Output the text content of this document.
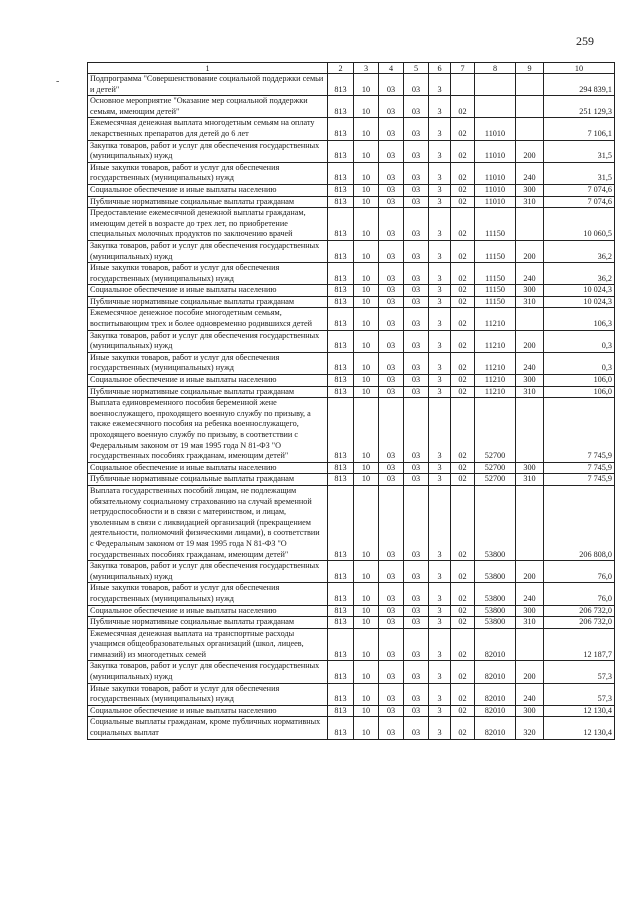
259
-
1	2	3	4	5	6	7	8	9	10
Подпрограмма "Совершенствование социальной поддержки семьи и детей"	813	10	03	03	3				294 839,1
Основное мероприятие "Оказание мер социальной поддержки семьям, имеющим детей"	813	10	03	03	3	02			251 129,3
Ежемесячная денежная выплата многодетным семьям на оплату лекарственных препаратов для детей до 6 лет	813	10	03	03	3	02	11010		7 106,1
Закупка товаров, работ и услуг для обеспечения государственных (муниципальных) нужд	813	10	03	03	3	02	11010	200	31,5
Иные закупки товаров, работ и услуг для обеспечения государственных (муниципальных) нужд	813	10	03	03	3	02	11010	240	31,5
Социальное обеспечение и иные выплаты населению	813	10	03	03	3	02	11010	300	7 074,6
Публичные нормативные социальные выплаты гражданам	813	10	03	03	3	02	11010	310	7 074,6
Предоставление ежемесячной денежной выплаты гражданам, имеющим детей в возрасте до трех лет, по приобретение специальных молочных продуктов по заключению врачей	813	10	03	03	3	02	11150		10 060,5
Закупка товаров, работ и услуг для обеспечения государственных (муниципальных) нужд	813	10	03	03	3	02	11150	200	36,2
Иные закупки товаров, работ и услуг для обеспечения государственных (муниципальных) нужд	813	10	03	03	3	02	11150	240	36,2
Социальное обеспечение и иные выплаты населению	813	10	03	03	3	02	11150	300	10 024,3
Публичные нормативные социальные выплаты гражданам	813	10	03	03	3	02	11150	310	10 024,3
Ежемесячное денежное пособие многодетным семьям, воспитывающим трех и более одновременно родившихся детей	813	10	03	03	3	02	11210		106,3
Закупка товаров, работ и услуг для обеспечения государственных (муниципальных) нужд	813	10	03	03	3	02	11210	200	0,3
Иные закупки товаров, работ и услуг для обеспечения государственных (муниципальных) нужд	813	10	03	03	3	02	11210	240	0,3
Социальное обеспечение и иные выплаты населению	813	10	03	03	3	02	11210	300	106,0
Публичные нормативные социальные выплаты гражданам	813	10	03	03	3	02	11210	310	106,0
Выплата единовременного пособия беременной жене военнослужащего, проходящего военную службу по призыву, а также ежемесячного пособия на ребенка военнослужащего, проходящего военную службу по призыву, в соответствии с Федеральным законом от 19 мая 1995 года N 81-ФЗ "О государственных пособиях гражданам, имеющим детей"	813	10	03	03	3	02	52700		7 745,9
Социальное обеспечение и иные выплаты населению	813	10	03	03	3	02	52700	300	7 745,9
Публичные нормативные социальные выплаты гражданам	813	10	03	03	3	02	52700	310	7 745,9
Выплата государственных пособий лицам, не подлежащим обязательному социальному страхованию на случай временной нетрудоспособности и в связи с материнством, и лицам, уволенным в связи с ликвидацией организаций (прекращением деятельности, полномочий физическими лицами), в соответствии с Федеральным законом от 19 мая 1995 года N 81-ФЗ "О государственных пособиях гражданам, имеющим детей"	813	10	03	03	3	02	53800		206 808,0
Закупка товаров, работ и услуг для обеспечения государственных (муниципальных) нужд	813	10	03	03	3	02	53800	200	76,0
Иные закупки товаров, работ и услуг для обеспечения государственных (муниципальных) нужд	813	10	03	03	3	02	53800	240	76,0
Социальное обеспечение и иные выплаты населению	813	10	03	03	3	02	53800	300	206 732,0
Публичные нормативные социальные выплаты гражданам	813	10	03	03	3	02	53800	310	206 732,0
Ежемесячная денежная выплата на транспортные расходы учащимся общеобразовательных организаций (школ, лицеев, гимназий) из многодетных семей	813	10	03	03	3	02	82010		12 187,7
Закупка товаров, работ и услуг для обеспечения государственных (муниципальных) нужд	813	10	03	03	3	02	82010	200	57,3
Иные закупки товаров, работ и услуг для обеспечения государственных (муниципальных) нужд	813	10	03	03	3	02	82010	240	57,3
Социальное обеспечение и иные выплаты населению	813	10	03	03	3	02	82010	300	12 130,4
Социальные выплаты гражданам, кроме публичных нормативных социальных выплат	813	10	03	03	3	02	82010	320	12 130,4
